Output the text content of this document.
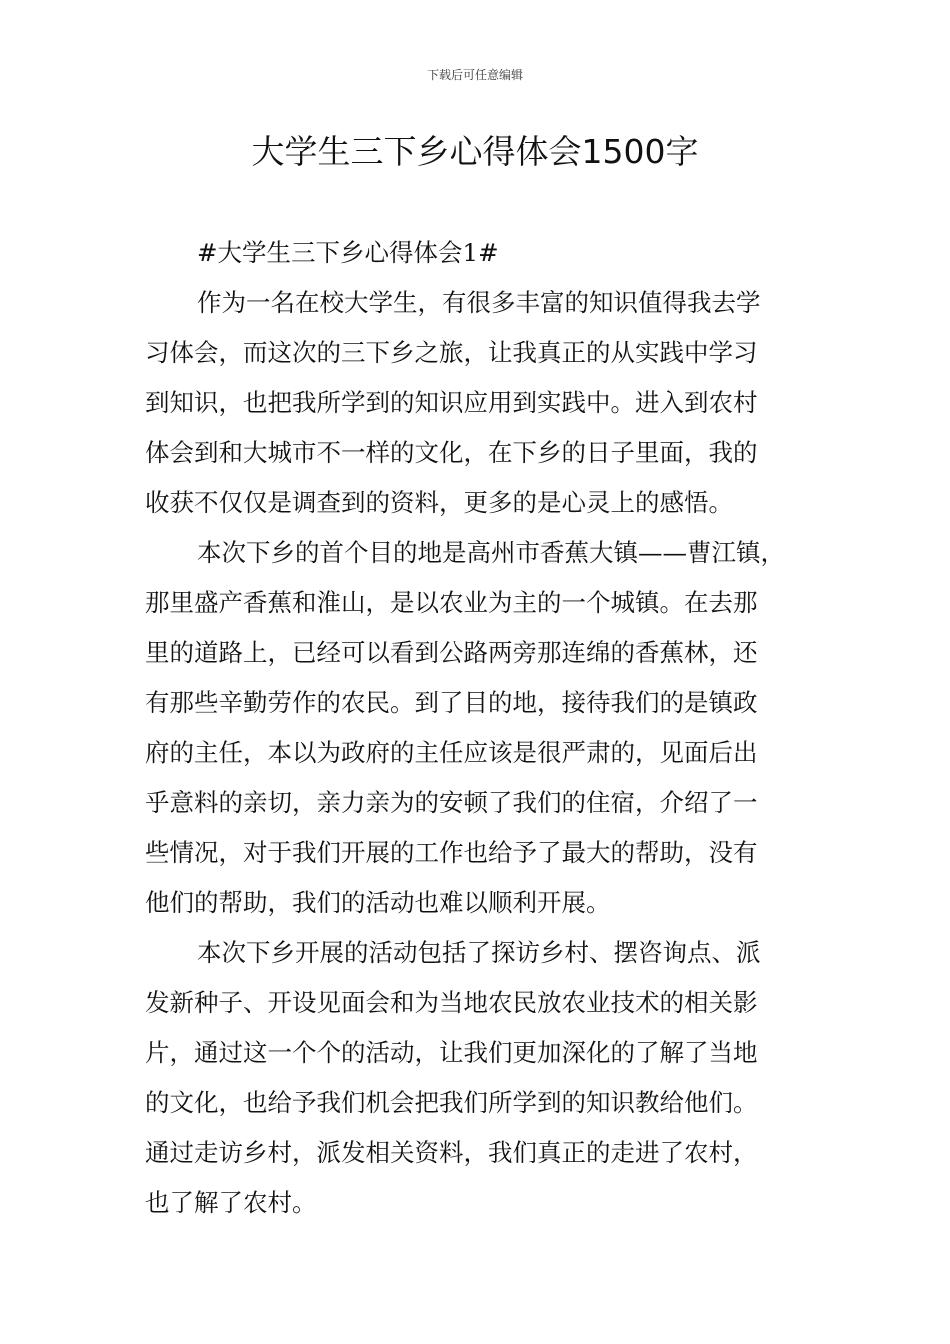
下载后可任意编辑
大学生三下乡心得体会1500字

#大学生三下乡心得体会1#

作为一名在校大学生，有很多丰富的知识值得我去学
习体会，而这次的三下乡之旅，让我真正的从实践中学习
到知识，也把我所学到的知识应用到实践中。进入到农村
体会到和大城市不一样的文化，在下乡的日子里面，我的
收获不仅仅是调查到的资料，更多的是心灵上的感悟。
本次下乡的首个目的地是高州市香蕉大镇——曹江镇，
那里盛产香蕉和淮山，是以农业为主的一个城镇。在去那
里的道路上，已经可以看到公路两旁那连绵的香蕉林，还
有那些辛勤劳作的农民。到了目的地，接待我们的是镇政
府的主任，本以为政府的主任应该是很严肃的，见面后出
乎意料的亲切，亲力亲为的安顿了我们的住宿，介绍了一
些情况，对于我们开展的工作也给予了最大的帮助，没有
他们的帮助，我们的活动也难以顺利开展。
本次下乡开展的活动包括了探访乡村、摆咨询点、派
发新种子、开设见面会和为当地农民放农业技术的相关影
片，通过这一个个的活动，让我们更加深化的了解了当地
的文化，也给予我们机会把我们所学到的知识教给他们。
通过走访乡村，派发相关资料，我们真正的走进了农村，
也了解了农村。
